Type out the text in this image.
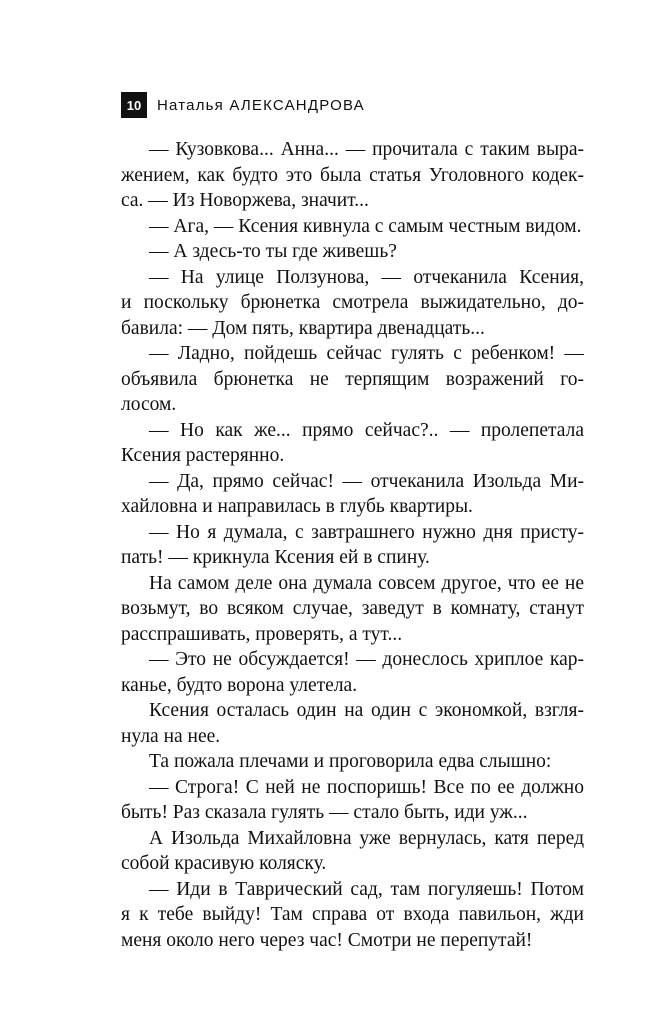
10	Наталья АЛЕКСАНДРОВА
— Кузовкова... Анна... — прочитала с таким выра-
жением, как будто это была статья Уголовного кодек-
са. — Из Новоржева, значит...
— Ага, — Ксения кивнула с самым честным видом.
— А здесь-то ты где живешь?
— На улице Ползунова, — отчеканила Ксения,
и поскольку брюнетка смотрела выжидательно, до-
бавила: — Дом пять, квартира двенадцать...
— Ладно, пойдешь сейчас гулять с ребенком! —
объявила брюнетка не терпящим возражений го-
лосом.
— Но как же... прямо сейчас?.. — пролепетала
Ксения растерянно.
— Да, прямо сейчас! — отчеканила Изольда Ми-
хайловна и направилась в глубь квартиры.
— Но я думала, с завтрашнего нужно дня присту-
пать! — крикнула Ксения ей в спину.
На самом деле она думала совсем другое, что ее не
возьмут, во всяком случае, заведут в комнату, станут
расспрашивать, проверять, а тут...
— Это не обсуждается! — донеслось хриплое кар-
канье, будто ворона улетела.
Ксения осталась один на один с экономкой, взгля-
нула на нее.
Та пожала плечами и проговорила едва слышно:
— Строга! С ней не поспоришь! Все по ее должно
быть! Раз сказала гулять — стало быть, иди уж...
А Изольда Михайловна уже вернулась, катя перед
собой красивую коляску.
— Иди в Таврический сад, там погуляешь! Потом
я к тебе выйду! Там справа от входа павильон, жди
меня около него через час! Смотри не перепутай!
